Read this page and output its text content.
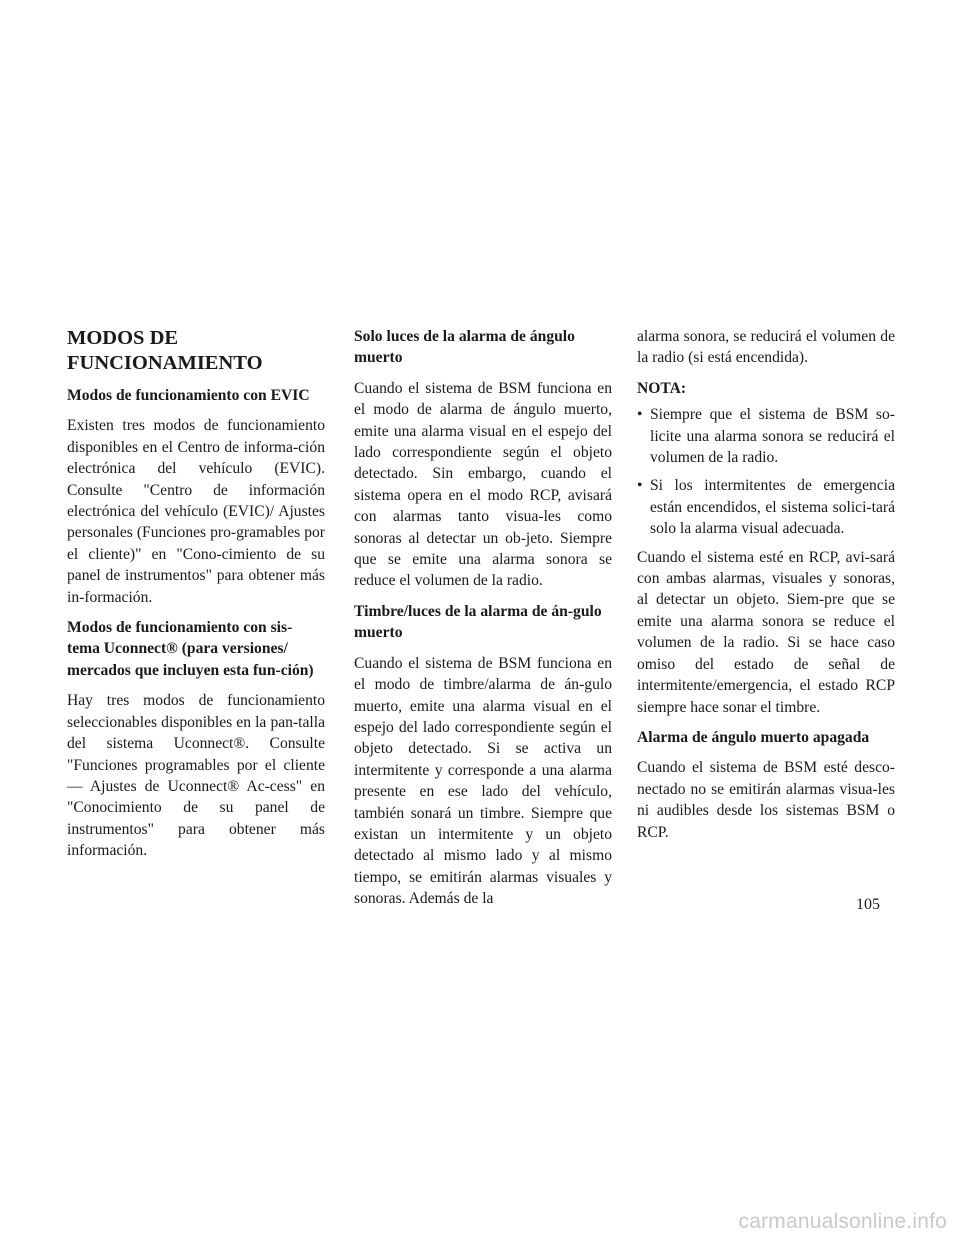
MODOS DE FUNCIONAMIENTO
Modos de funcionamiento con EVIC

Existen tres modos de funcionamiento disponibles en el Centro de informa-ción electrónica del vehículo (EVIC). Consulte "Centro de información electrónica del vehículo (EVIC)/ Ajustes personales (Funciones pro-gramables por el cliente)" en "Cono-cimiento de su panel de instrumentos" para obtener más in-formación.

Modos de funcionamiento con sis-tema Uconnect® (para versiones/ mercados que incluyen esta fun-ción)

Hay tres modos de funcionamiento seleccionables disponibles en la pan-talla del sistema Uconnect®. Consulte "Funciones programables por el cliente — Ajustes de Uconnect® Ac-cess" en "Conocimiento de su panel de instrumentos" para obtener más información.

Solo luces de la alarma de ángulo muerto

Cuando el sistema de BSM funciona en el modo de alarma de ángulo muerto, emite una alarma visual en el espejo del lado correspondiente según el objeto detectado. Sin embargo, cuando el sistema opera en el modo RCP, avisará con alarmas tanto visua-les como sonoras al detectar un ob-jeto. Siempre que se emite una alarma sonora se reduce el volumen de la radio.

Timbre/luces de la alarma de án-gulo muerto

Cuando el sistema de BSM funciona en el modo de timbre/alarma de án-gulo muerto, emite una alarma visual en el espejo del lado correspondiente según el objeto detectado. Si se activa un intermitente y corresponde a una alarma presente en ese lado del vehículo, también sonará un timbre. Siempre que existan un intermitente y un objeto detectado al mismo lado y al mismo tiempo, se emitirán alarmas visuales y sonoras. Además de la

alarma sonora, se reducirá el volumen de la radio (si está encendida).

NOTA:
• Siempre que el sistema de BSM so-licite una alarma sonora se reducirá el volumen de la radio.
• Si los intermitentes de emergencia están encendidos, el sistema solici-tará solo la alarma visual adecuada.

Cuando el sistema esté en RCP, avi-sará con ambas alarmas, visuales y sonoras, al detectar un objeto. Siem-pre que se emite una alarma sonora se reduce el volumen de la radio. Si se hace caso omiso del estado de señal de intermitente/emergencia, el estado RCP siempre hace sonar el timbre.

Alarma de ángulo muerto apagada

Cuando el sistema de BSM esté desco-nectado no se emitirán alarmas visua-les ni audibles desde los sistemas BSM o RCP.

105
carmanualsonline.info
